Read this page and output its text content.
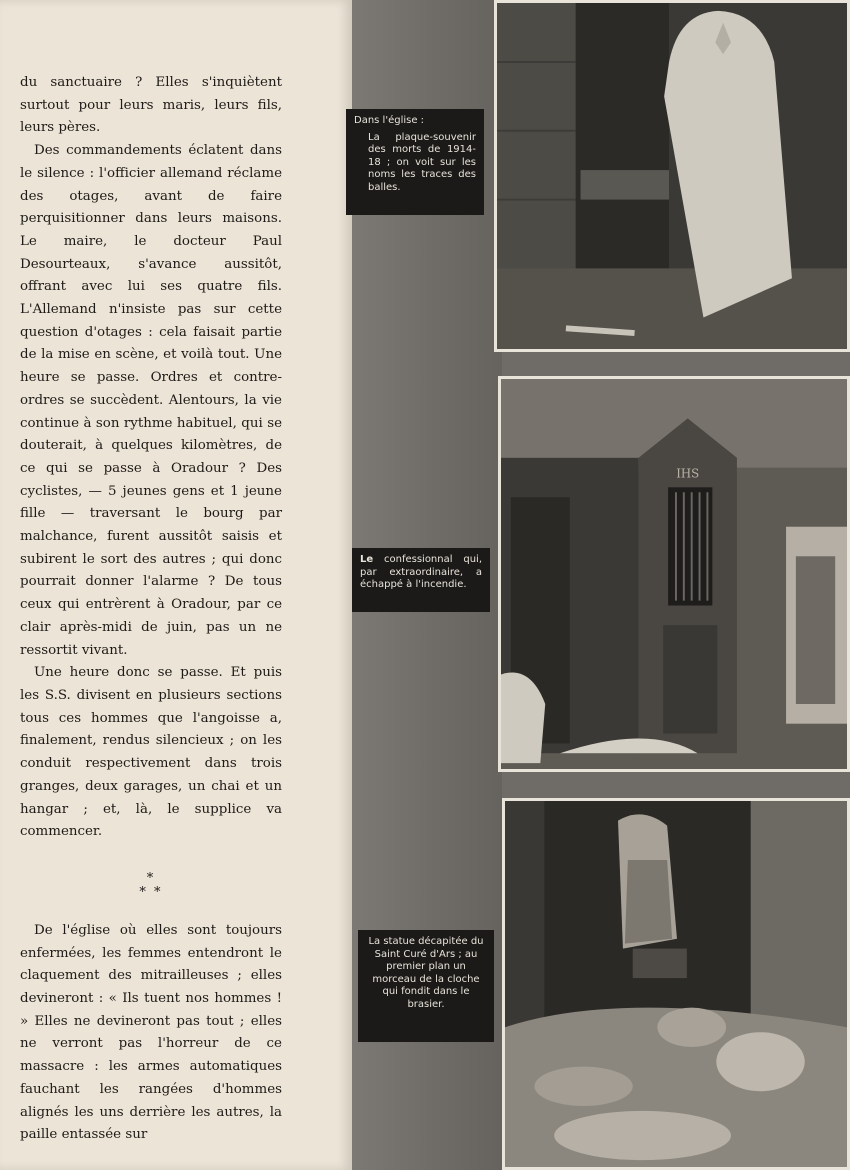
du sanctuaire ? Elles s'inquiètent surtout pour leurs maris, leurs fils, leurs pères.

Des commandements éclatent dans le silence : l'officier allemand réclame des otages, avant de faire perquisitionner dans leurs maisons. Le maire, le docteur Paul Desourteaux, s'avance aussitôt, offrant avec lui ses quatre fils. L'Allemand n'insiste pas sur cette question d'otages : cela faisait partie de la mise en scène, et voilà tout. Une heure se passe. Ordres et contre-ordres se succèdent. Alentours, la vie continue à son rythme habituel, qui se douterait, à quelques kilomètres, de ce qui se passe à Oradour ? Des cyclistes, — 5 jeunes gens et 1 jeune fille — traversant le bourg par malchance, furent aussitôt saisis et subirent le sort des autres ; qui donc pourrait donner l'alarme ? De tous ceux qui entrèrent à Oradour, par ce clair après-midi de juin, pas un ne ressortit vivant.

Une heure donc se passe. Et puis les S.S. divisent en plusieurs sections tous ces hommes que l'angoisse a, finalement, rendus silencieux ; on les conduit respectivement dans trois granges, deux garages, un chai et un hangar ; et, là, le supplice va commencer.

*
* *

De l'église où elles sont toujours enfermées, les femmes entendront le claquement des mitrailleuses ; elles devineront : « Ils tuent nos hommes ! » Elles ne devineront pas tout ; elles ne verront pas l'horreur de ce massacre : les armes automatiques fauchant les rangées d'hommes alignés les uns derrière les autres, la paille entassée sur

IHS
Dans l'église :
La plaque-souvenir des morts de 1914-18 ; on voit sur les noms les traces des balles.
Le confessionnal qui, par extraordinaire, a échappé à l'incendie.
La statue décapitée du Saint Curé d'Ars ; au premier plan un morceau de la cloche qui fondit dans le brasier.
